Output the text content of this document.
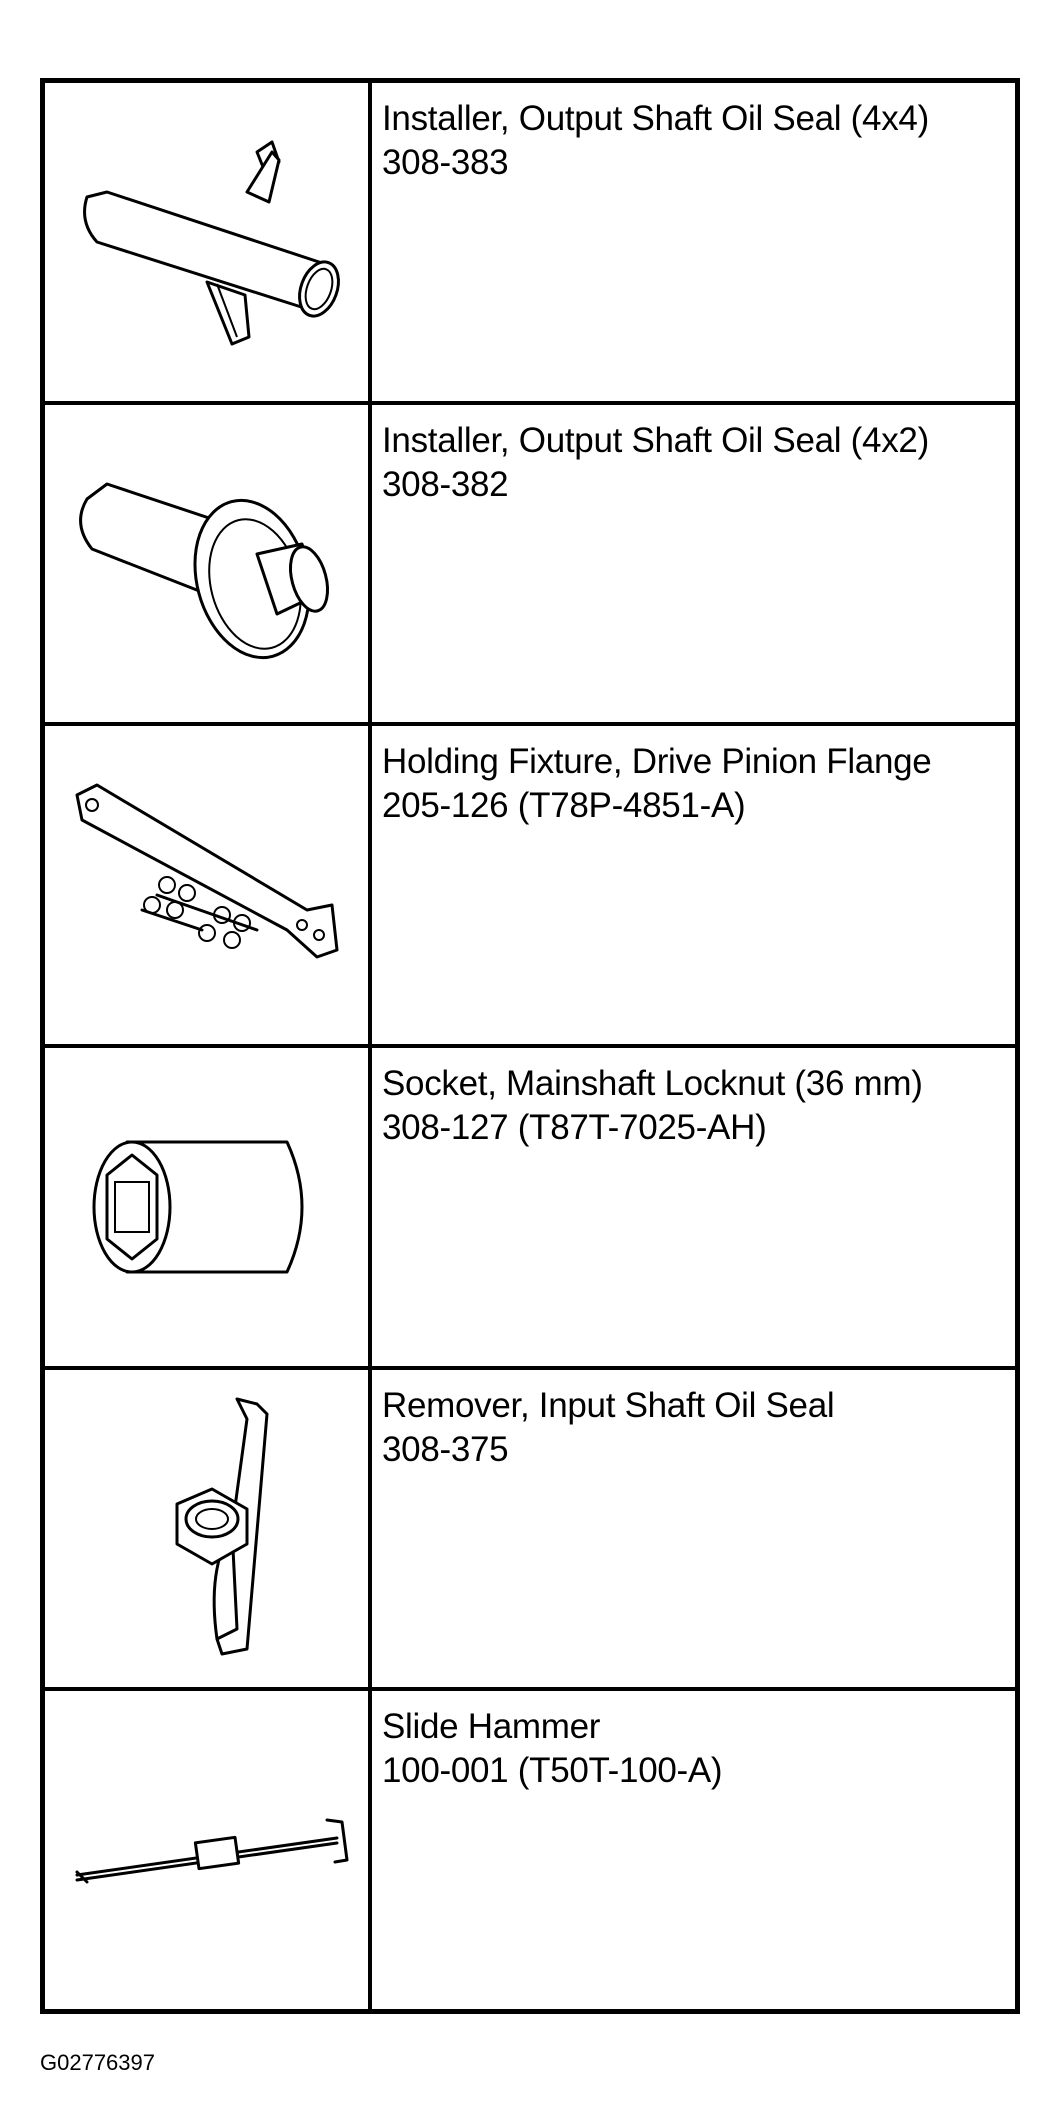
Installer, Output Shaft Oil Seal (4x4)
308-383
Installer, Output Shaft Oil Seal (4x2)
308-382
Holding Fixture, Drive Pinion Flange
205-126 (T78P-4851-A)
Socket, Mainshaft Locknut (36 mm)
308-127 (T87T-7025-AH)
Remover, Input Shaft Oil Seal
308-375
Slide Hammer
100-001 (T50T-100-A)
G02776397
